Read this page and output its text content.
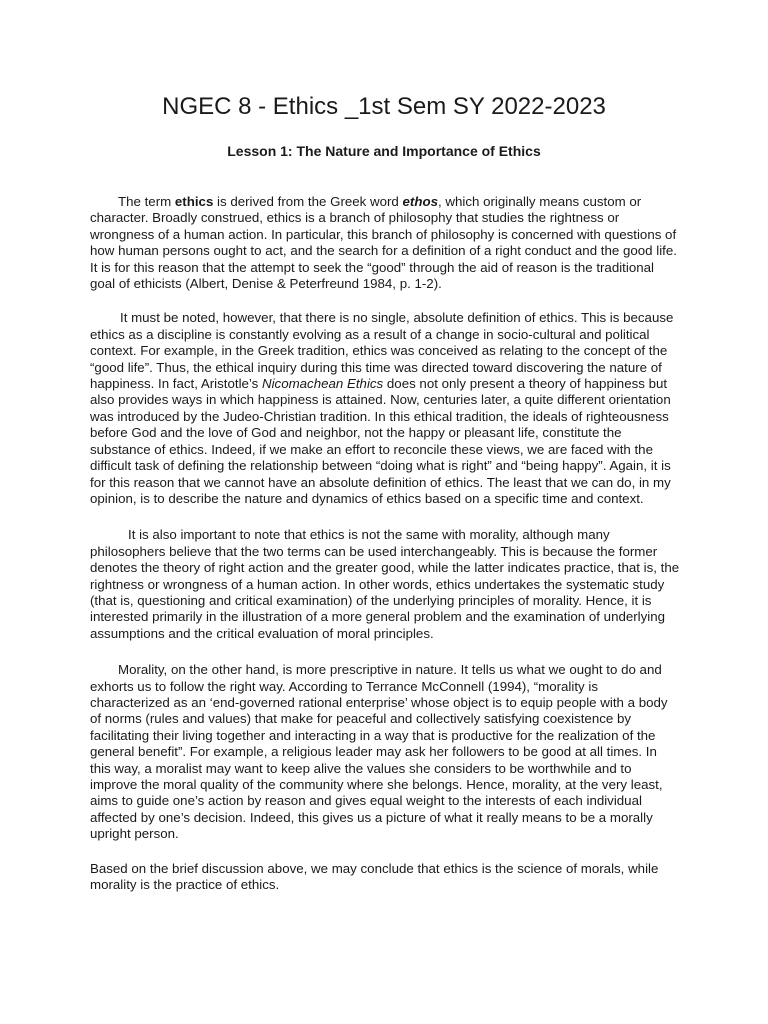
NGEC 8 - Ethics _1st Sem SY 2022-2023
Lesson 1: The Nature and Importance of Ethics

The term ethics is derived from the Greek word ethos, which originally means custom or character. Broadly construed, ethics is a branch of philosophy that studies the rightness or wrongness of a human action. In particular, this branch of philosophy is concerned with questions of how human persons ought to act, and the search for a definition of a right conduct and the good life. It is for this reason that the attempt to seek the “good” through the aid of reason is the traditional goal of ethicists (Albert, Denise & Peterfreund 1984, p. 1-2).

It must be noted, however, that there is no single, absolute definition of ethics. This is because ethics as a discipline is constantly evolving as a result of a change in socio-cultural and political context. For example, in the Greek tradition, ethics was conceived as relating to the concept of the “good life”. Thus, the ethical inquiry during this time was directed toward discovering the nature of happiness. In fact, Aristotle’s Nicomachean Ethics does not only present a theory of happiness but also provides ways in which happiness is attained. Now, centuries later, a quite different orientation was introduced by the Judeo-Christian tradition. In this ethical tradition, the ideals of righteousness before God and the love of God and neighbor, not the happy or pleasant life, constitute the substance of ethics. Indeed, if we make an effort to reconcile these views, we are faced with the difficult task of defining the relationship between “doing what is right” and “being happy”. Again, it is for this reason that we cannot have an absolute definition of ethics. The least that we can do, in my opinion, is to describe the nature and dynamics of ethics based on a specific time and context.

It is also important to note that ethics is not the same with morality, although many philosophers believe that the two terms can be used interchangeably. This is because the former denotes the theory of right action and the greater good, while the latter indicates practice, that is, the rightness or wrongness of a human action. In other words, ethics undertakes the systematic study (that is, questioning and critical examination) of the underlying principles of morality. Hence, it is interested primarily in the illustration of a more general problem and the examination of underlying assumptions and the critical evaluation of moral principles.

Morality, on the other hand, is more prescriptive in nature. It tells us what we ought to do and exhorts us to follow the right way. According to Terrance McConnell (1994), “morality is characterized as an ‘end-governed rational enterprise’ whose object is to equip people with a body of norms (rules and values) that make for peaceful and collectively satisfying coexistence by facilitating their living together and interacting in a way that is productive for the realization of the general benefit”. For example, a religious leader may ask her followers to be good at all times. In this way, a moralist may want to keep alive the values she considers to be worthwhile and to improve the moral quality of the community where she belongs. Hence, morality, at the very least, aims to guide one’s action by reason and gives equal weight to the interests of each individual affected by one’s decision. Indeed, this gives us a picture of what it really means to be a morally upright person.

Based on the brief discussion above, we may conclude that ethics is the science of morals, while morality is the practice of ethics.
